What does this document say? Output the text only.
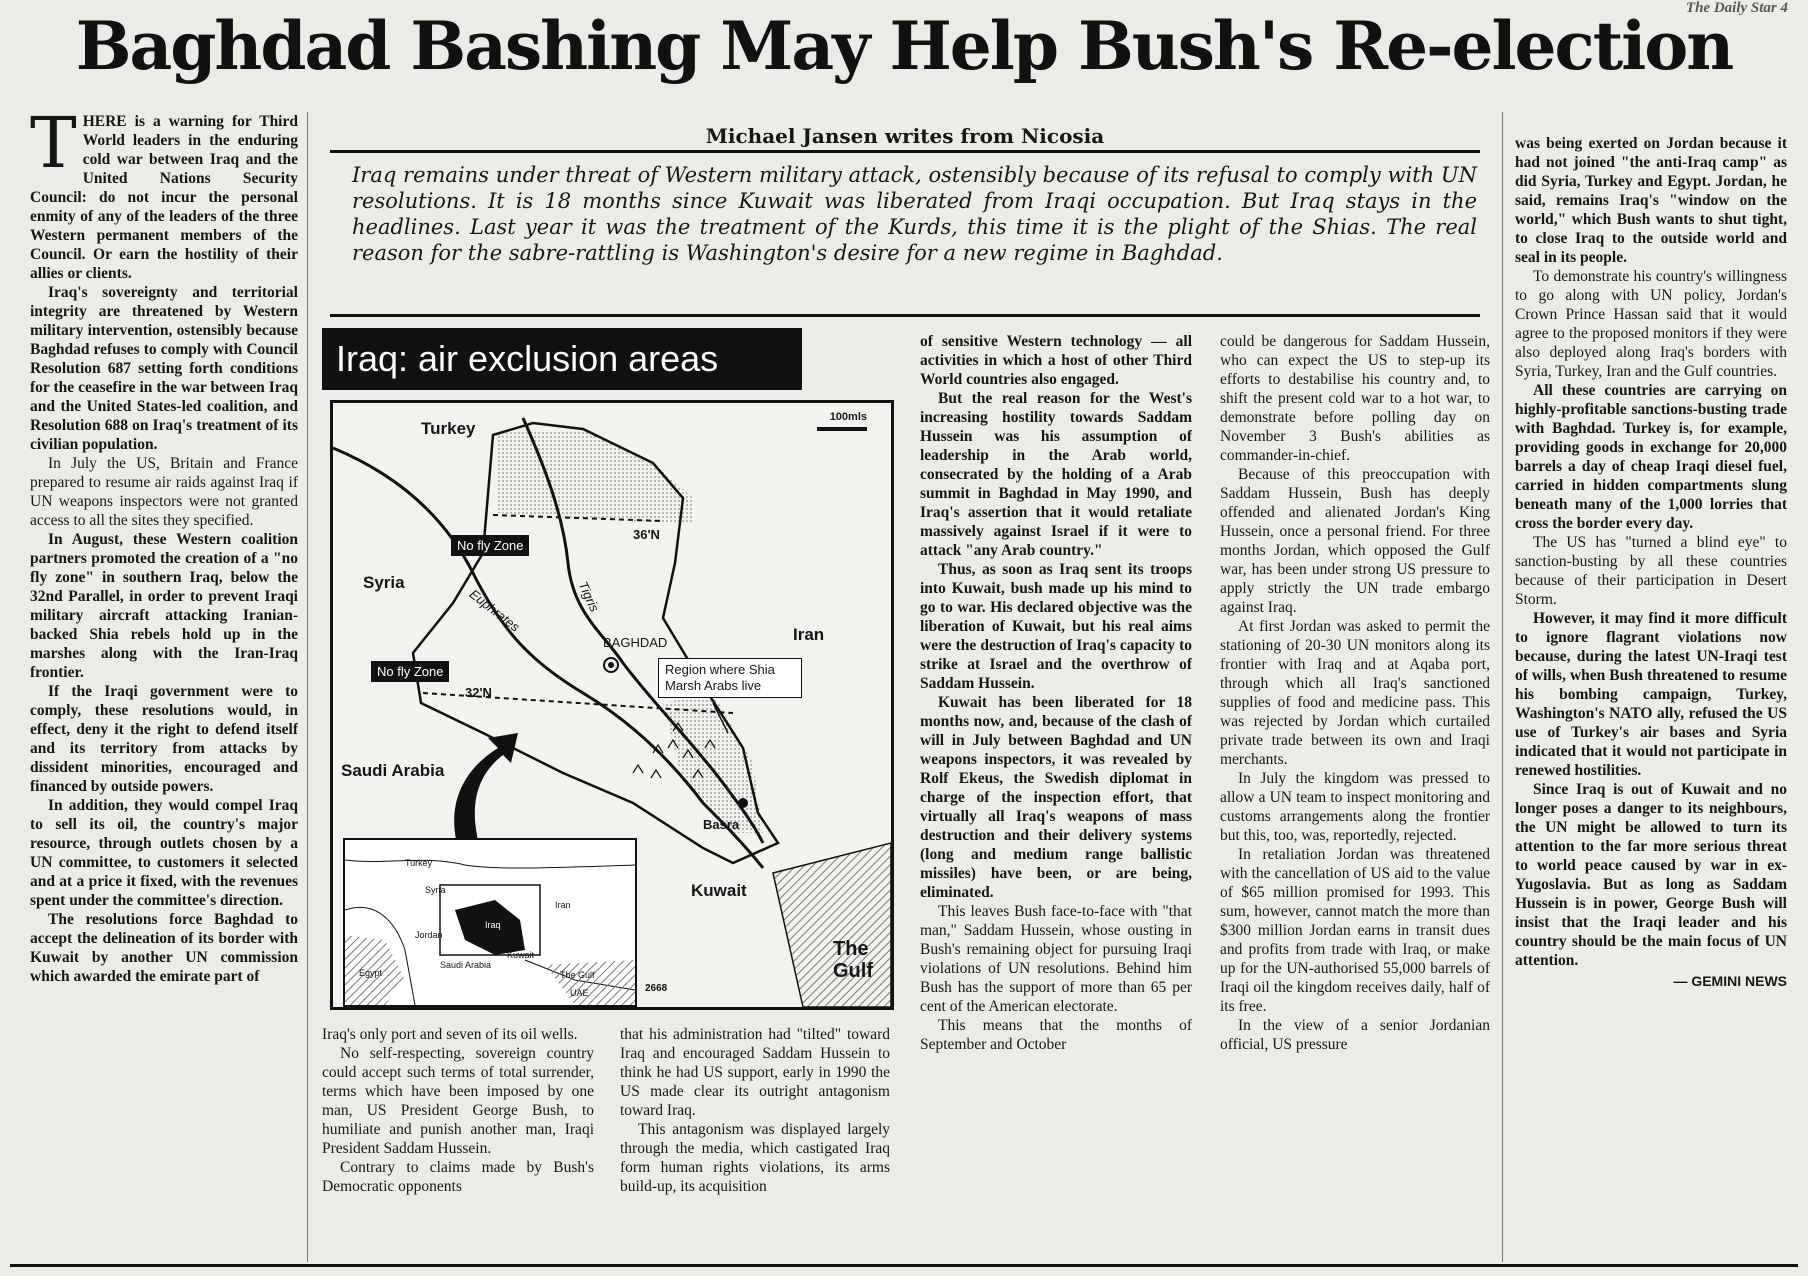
The Daily Star 4
Baghdad Bashing May Help Bush's Re-election
Michael Jansen writes from Nicosia
Iraq remains under threat of Western military attack, ostensibly because of its refusal to comply with UN resolutions. It is 18 months since Kuwait was liberated from Iraqi occupation. But Iraq stays in the headlines. Last year it was the treatment of the Kurds, this time it is the plight of the Shias. The real reason for the sabre-rattling is Washington's desire for a new regime in Baghdad.

THERE is a warning for Third World leaders in the enduring cold war between Iraq and the United Nations Security Council: do not incur the personal enmity of any of the leaders of the three Western permanent members of the Council. Or earn the hostility of their allies or clients.

Iraq's sovereignty and territorial integrity are threatened by Western military intervention, ostensibly because Baghdad refuses to comply with Council Resolution 687 setting forth conditions for the ceasefire in the war between Iraq and the United States-led coalition, and Resolution 688 on Iraq's treatment of its civilian population.

In July the US, Britain and France prepared to resume air raids against Iraq if UN weapons inspectors were not granted access to all the sites they specified.

In August, these Western coalition partners promoted the creation of a "no fly zone" in southern Iraq, below the 32nd Parallel, in order to prevent Iraqi military aircraft attacking Iranian-backed Shia rebels hold up in the marshes along with the Iran-Iraq frontier.

If the Iraqi government were to comply, these resolutions would, in effect, deny it the right to defend itself and its territory from attacks by dissident minorities, encouraged and financed by outside powers.

In addition, they would compel Iraq to sell its oil, the country's major resource, through outlets chosen by a UN committee, to customers it selected and at a price it fixed, with the revenues spent under the committee's direction.

The resolutions force Baghdad to accept the delineation of its border with Kuwait by another UN commission which awarded the emirate part of

Iraq: air exclusion areas
100mls
Turkey
Syria
Iran
Saudi Arabia
BAGHDAD
Basra
Kuwait
Euphrates	Tigris
36'N
32'N
No fly Zone
No fly Zone	Region where Shia Marsh Arabs live
Turkey
Syria
Iraq
Iran
Jordan
Saudi Arabia
Kuwait
Egypt	The Gulf
UAE
The Gulf
2668

Iraq's only port and seven of its oil wells.

No self-respecting, sovereign country could accept such terms of total surrender, terms which have been imposed by one man, US President George Bush, to humiliate and punish another man, Iraqi President Saddam Hussein.

Contrary to claims made by Bush's Democratic opponents

that his administration had "tilted" toward Iraq and encouraged Saddam Hussein to think he had US support, early in 1990 the US made clear its outright antagonism toward Iraq.

This antagonism was displayed largely through the media, which castigated Iraq form human rights violations, its arms build-up, its acquisition

of sensitive Western technology — all activities in which a host of other Third World countries also engaged.

But the real reason for the West's increasing hostility towards Saddam Hussein was his assumption of leadership in the Arab world, consecrated by the holding of a Arab summit in Baghdad in May 1990, and Iraq's assertion that it would retaliate massively against Israel if it were to attack "any Arab country."

Thus, as soon as Iraq sent its troops into Kuwait, bush made up his mind to go to war. His declared objective was the liberation of Kuwait, but his real aims were the destruction of Iraq's capacity to strike at Israel and the overthrow of Saddam Hussein.

Kuwait has been liberated for 18 months now, and, because of the clash of will in July between Baghdad and UN weapons inspectors, it was revealed by Rolf Ekeus, the Swedish diplomat in charge of the inspection effort, that virtually all Iraq's weapons of mass destruction and their delivery systems (long and medium range ballistic missiles) have been, or are being, eliminated.

This leaves Bush face-to-face with "that man," Saddam Hussein, whose ousting in Bush's remaining object for pursuing Iraqi violations of UN resolutions. Behind him Bush has the support of more than 65 per cent of the American electorate.

This means that the months of September and October

could be dangerous for Saddam Hussein, who can expect the US to step-up its efforts to destabilise his country and, to shift the present cold war to a hot war, to demonstrate before polling day on November 3 Bush's abilities as commander-in-chief.

Because of this preoccupation with Saddam Hussein, Bush has deeply offended and alienated Jordan's King Hussein, once a personal friend. For three months Jordan, which opposed the Gulf war, has been under strong US pressure to apply strictly the UN trade embargo against Iraq.

At first Jordan was asked to permit the stationing of 20-30 UN monitors along its frontier with Iraq and at Aqaba port, through which all Iraq's sanctioned supplies of food and medicine pass. This was rejected by Jordan which curtailed private trade between its own and Iraqi merchants.

In July the kingdom was pressed to allow a UN team to inspect monitoring and customs arrangements along the frontier but this, too, was, reportedly, rejected.

In retaliation Jordan was threatened with the cancellation of US aid to the value of $65 million promised for 1993. This sum, however, cannot match the more than $300 million Jordan earns in transit dues and profits from trade with Iraq, or make up for the UN-authorised 55,000 barrels of Iraqi oil the kingdom receives daily, half of its free.

In the view of a senior Jordanian official, US pressure

was being exerted on Jordan because it had not joined "the anti-Iraq camp" as did Syria, Turkey and Egypt. Jordan, he said, remains Iraq's "window on the world," which Bush wants to shut tight, to close Iraq to the outside world and seal in its people.

To demonstrate his country's willingness to go along with UN policy, Jordan's Crown Prince Hassan said that it would agree to the proposed monitors if they were also deployed along Iraq's borders with Syria, Turkey, Iran and the Gulf countries.

All these countries are carrying on highly-profitable sanctions-busting trade with Baghdad. Turkey is, for example, providing goods in exchange for 20,000 barrels a day of cheap Iraqi diesel fuel, carried in hidden compartments slung beneath many of the 1,000 lorries that cross the border every day.

The US has "turned a blind eye" to sanction-busting by all these countries because of their participation in Desert Storm.

However, it may find it more difficult to ignore flagrant violations now because, during the latest UN-Iraqi test of wills, when Bush threatened to resume his bombing campaign, Turkey, Washington's NATO ally, refused the US use of Turkey's air bases and Syria indicated that it would not participate in renewed hostilities.

Since Iraq is out of Kuwait and no longer poses a danger to its neighbours, the UN might be allowed to turn its attention to the far more serious threat to world peace caused by war in ex-Yugoslavia. But as long as Saddam Hussein is in power, George Bush will insist that the Iraqi leader and his country should be the main focus of UN attention.

— GEMINI NEWS
